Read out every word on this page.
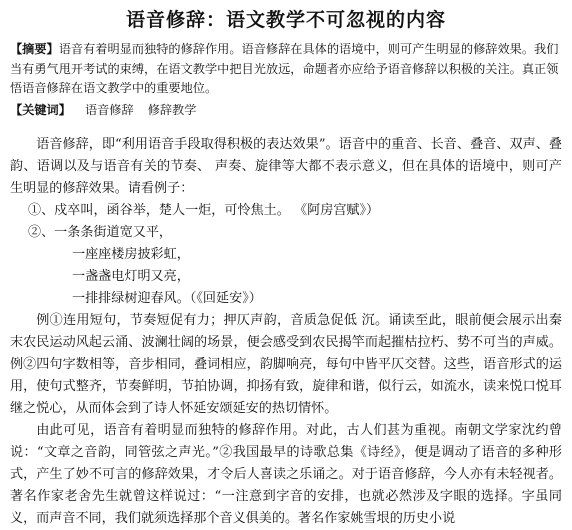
语音修辞：语文教学不可忽视的内容

【摘要】语音有着明显而独特的修辞作用。语音修辞在具体的语境中，则可产生明显的修辞效果。我们当有勇气甩开考试的束缚，在语文教学中把目光放远，命题者亦应给予语音修辞以积极的关注。真正领悟语音修辞在语文教学中的重要地位。

【关键词】 语音修辞 修辞教学

语音修辞，即“利用语音手段取得积极的表达效果”。语音中的重音、长音、叠音、双声、叠韵、语调以及与语音有关的节奏、 声奏、旋律等大都不表示意义，但在具体的语境中，则可产生明显的修辞效果。请看例子：

①、戍卒叫，函谷举，楚人一炬，可怜焦土。 《阿房宫赋》）
②、一条条街道宽又平，
一座座楼房披彩虹，
一盏盏电灯明又亮，
一排排绿树迎春风。（《回延安》）

例①连用短句，节奏短促有力；押仄声韵，音质急促低 沉。诵读至此，眼前便会展示出秦末农民运动风起云涌、波澜壮阔的场景，便会感受到农民揭竿而起摧枯拉朽、势不可当的声威。例②四句字数相等，音步相同，叠词相应，韵脚响亮，每句中皆平仄交替。这些，语音形式的运用，使句式整齐，节奏鲜明，节拍协调，抑扬有致，旋律和谐，似行云，如流水，读来悦口悦耳继之悦心，从而体会到了诗人怀延安颂延安的热切情怀。

由此可见，语音有着明显而独特的修辞作用。对此，古人们甚为重视。南朝文学家沈约曾说：“文章之音韵，同管弦之声光。”②我国最早的诗歌总集《诗经》，便是调动了语音的多种形式，产生了妙不可言的修辞效果，才令后人喜读之乐诵之。对于语音修辞，今人亦有未轻视者。著名作家老舍先生就曾这样说过：“一注意到字音的安排，也就必然涉及字眼的选择。字虽同义，而声音不同，我们就须选择那个音义俱美的。著名作家姚雪垠的历史小说
